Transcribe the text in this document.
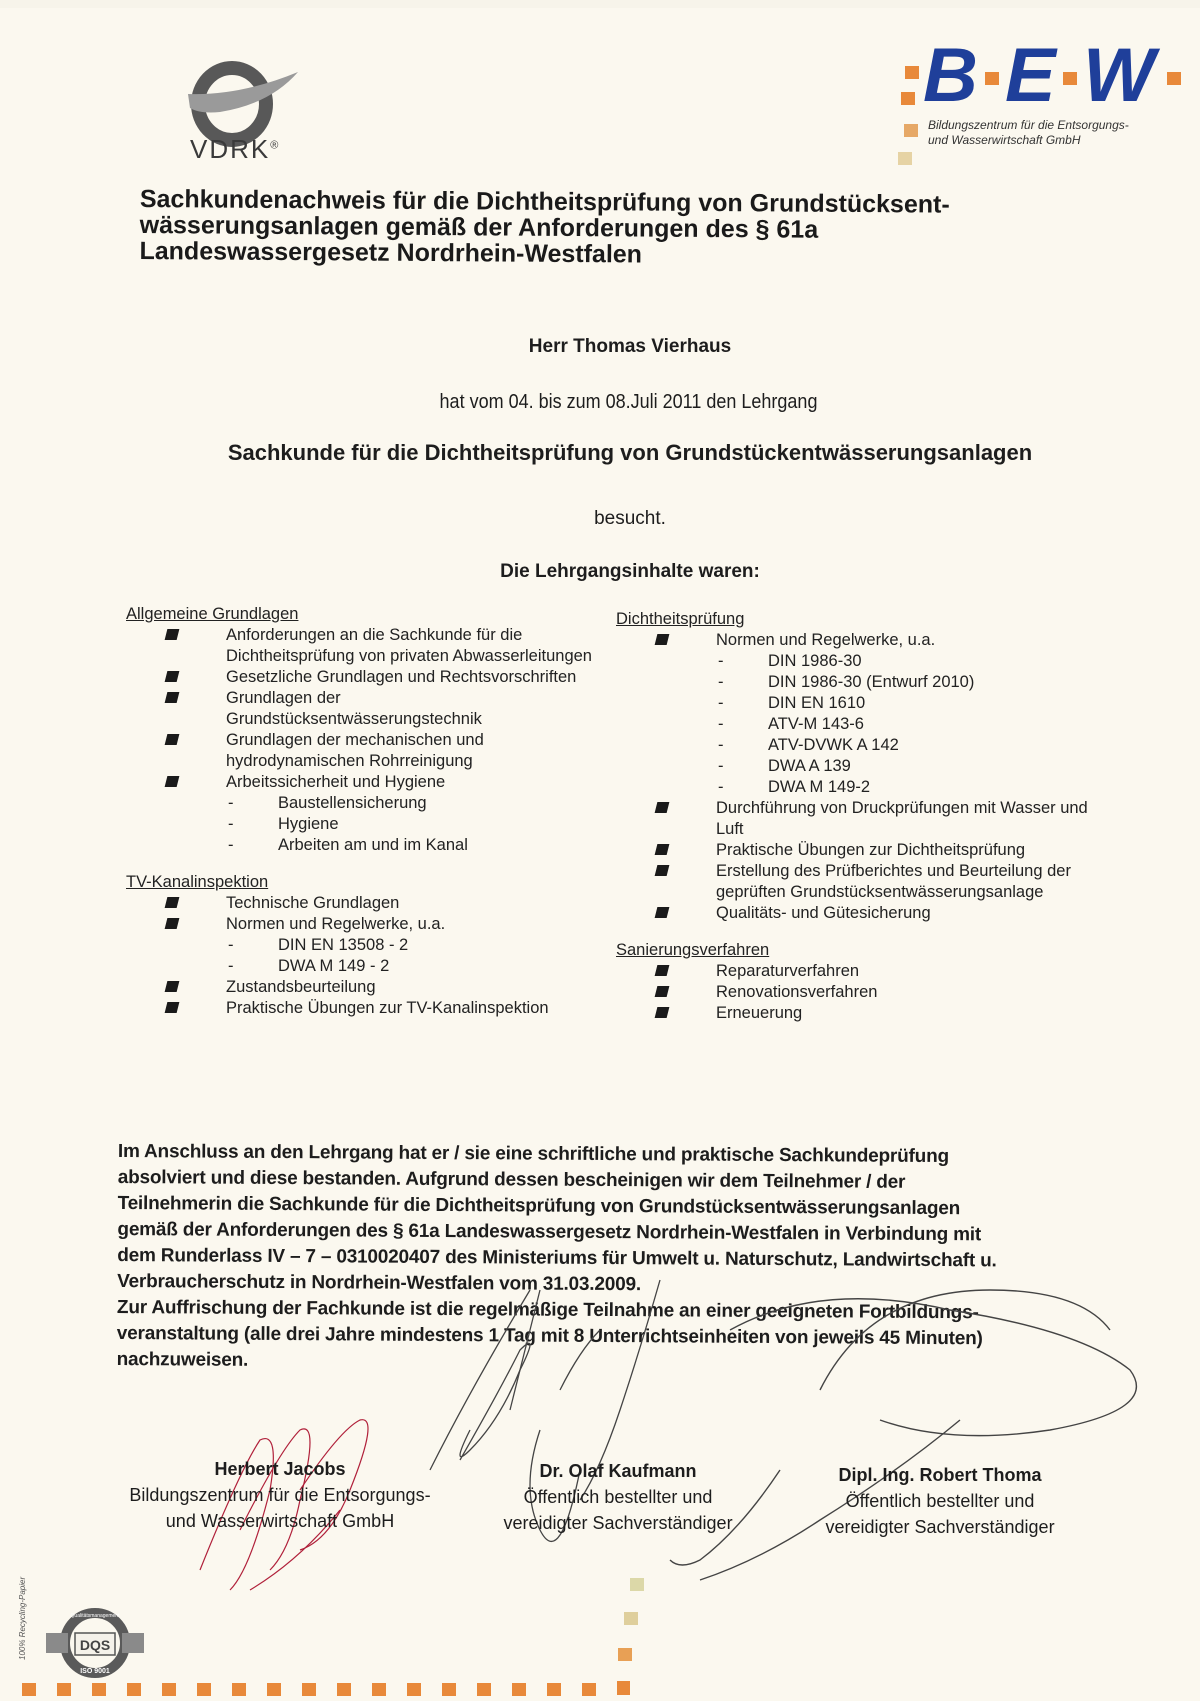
VDRK®
B E W
Bildungszentrum für die Entsorgungs-
und Wasserwirtschaft GmbH
Sachkundenachweis für die Dichtheitsprüfung von Grundstücksent-
wässerungsanlagen gemäß der Anforderungen des § 61a
Landeswassergesetz Nordrhein-Westfalen
Herr Thomas Vierhaus
hat vom 04. bis zum 08.Juli 2011 den Lehrgang
Sachkunde für die Dichtheitsprüfung von Grundstückentwässerungsanlagen
besucht.
Die Lehrgangsinhalte waren:
Allgemeine Grundlagen
Anforderungen an die Sachkunde für die Dichtheitsprüfung von privaten Abwasserleitungen
Gesetzliche Grundlagen und Rechtsvorschriften
Grundlagen der Grundstücksentwässerungstechnik
Grundlagen der mechanischen und hydrodynamischen Rohrreinigung
Arbeitssicherheit und Hygiene
-	Baustellensicherung
-	Hygiene
-	Arbeiten am und im Kanal
TV-Kanalinspektion
Technische Grundlagen
Normen und Regelwerke, u.a.
-	DIN EN 13508 - 2
-	DWA M 149 - 2
Zustandsbeurteilung
Praktische Übungen zur TV-Kanalinspektion
Dichtheitsprüfung
Normen und Regelwerke, u.a.
-	DIN 1986-30
-	DIN 1986-30 (Entwurf 2010)
-	DIN EN 1610
-	ATV-M 143-6
-	ATV-DVWK A 142
-	DWA A 139
-	DWA M 149-2
Durchführung von Druckprüfungen mit Wasser und Luft
Praktische Übungen zur Dichtheitsprüfung
Erstellung des Prüfberichtes und Beurteilung der geprüften Grundstücksentwässerungsanlage
Qualitäts- und Gütesicherung
Sanierungsverfahren
Reparaturverfahren
Renovationsverfahren
Erneuerung
Im Anschluss an den Lehrgang hat er / sie eine schriftliche und praktische Sachkundeprüfung
absolviert und diese bestanden. Aufgrund dessen bescheinigen wir dem Teilnehmer / der
Teilnehmerin die Sachkunde für die Dichtheitsprüfung von Grundstücksentwässerungsanlagen
gemäß der Anforderungen des § 61a Landeswassergesetz Nordrhein-Westfalen in Verbindung mit
dem Runderlass IV – 7 – 0310020407 des Ministeriums für Umwelt u. Naturschutz, Landwirtschaft u.
Verbraucherschutz in Nordrhein-Westfalen vom 31.03.2009.
Zur Auffrischung der Fachkunde ist die regelmäßige Teilnahme an einer geeigneten Fortbildungs-
veranstaltung (alle drei Jahre mindestens 1 Tag mit 8 Unterrichtseinheiten von jeweils 45 Minuten)
nachzuweisen.
Herbert Jacobs
Bildungszentrum für die Entsorgungs-
und Wasserwirtschaft GmbH
Dr. Olaf Kaufmann
Öffentlich bestellter und
vereidigter Sachverständiger
Dipl. Ing. Robert Thoma
Öffentlich bestellter und
vereidigter Sachverständiger
DQS
ISO 9001
Qualitätsmanagement
100% Recycling-Papier
